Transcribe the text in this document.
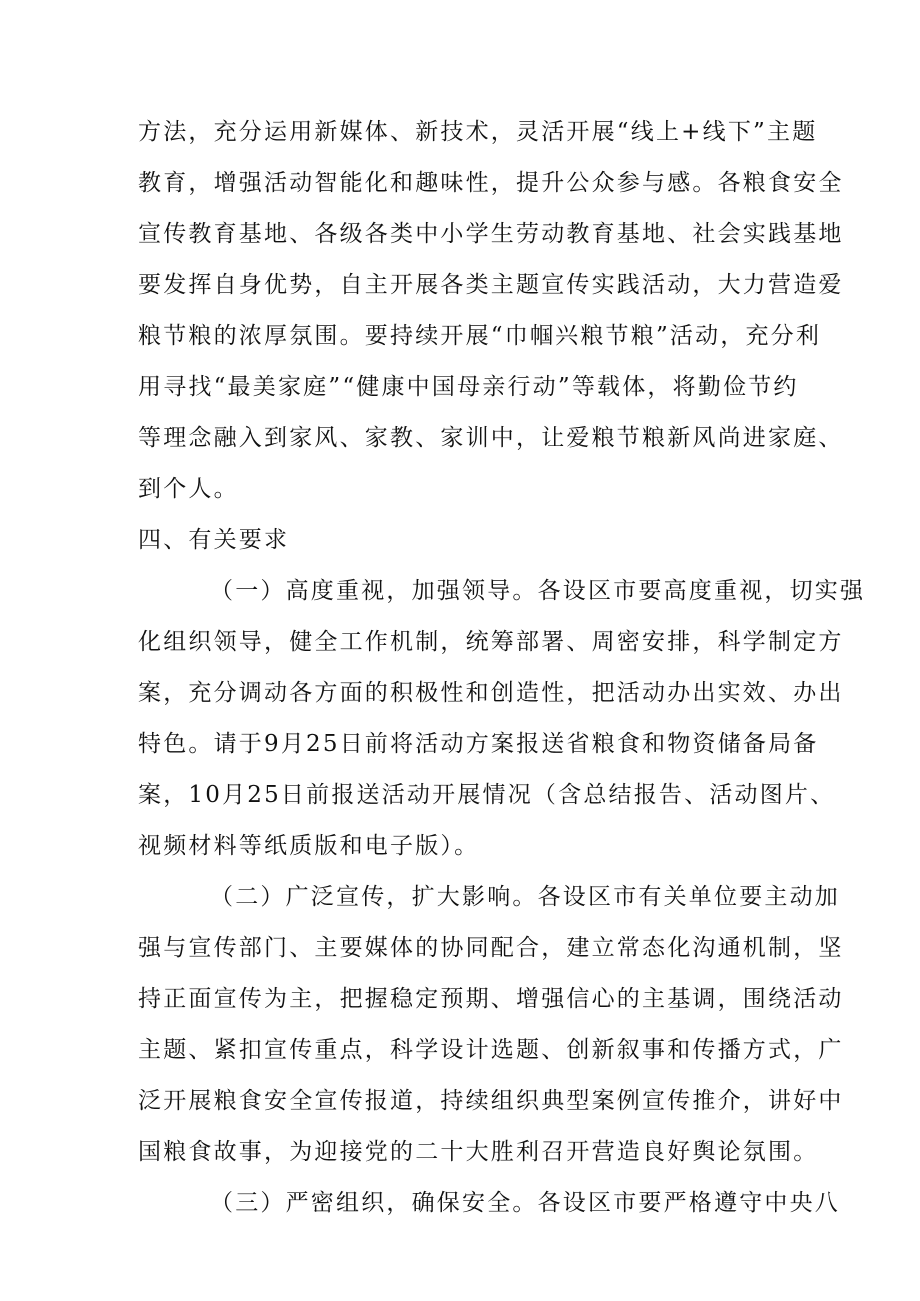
方法，充分运用新媒体、新技术，灵活开展“线上+线下”主题
教育，增强活动智能化和趣味性，提升公众参与感。各粮食安全
宣传教育基地、各级各类中小学生劳动教育基地、社会实践基地
要发挥自身优势，自主开展各类主题宣传实践活动，大力营造爱
粮节粮的浓厚氛围。要持续开展“巾帼兴粮节粮”活动，充分利
用寻找“最美家庭”“健康中国母亲行动”等载体，将勤俭节约
等理念融入到家风、家教、家训中，让爱粮节粮新风尚进家庭、
到个人。
四、有关要求
（一）高度重视，加强领导。各设区市要高度重视，切实强
化组织领导，健全工作机制，统筹部署、周密安排，科学制定方
案，充分调动各方面的积极性和创造性，把活动办出实效、办出
特色。请于9月25日前将活动方案报送省粮食和物资储备局备
案，10月25日前报送活动开展情况（含总结报告、活动图片、
视频材料等纸质版和电子版）。
（二）广泛宣传，扩大影响。各设区市有关单位要主动加
强与宣传部门、主要媒体的协同配合，建立常态化沟通机制，坚
持正面宣传为主，把握稳定预期、增强信心的主基调，围绕活动
主题、紧扣宣传重点，科学设计选题、创新叙事和传播方式，广
泛开展粮食安全宣传报道，持续组织典型案例宣传推介，讲好中
国粮食故事，为迎接党的二十大胜利召开营造良好舆论氛围。
（三）严密组织，确保安全。各设区市要严格遵守中央八
